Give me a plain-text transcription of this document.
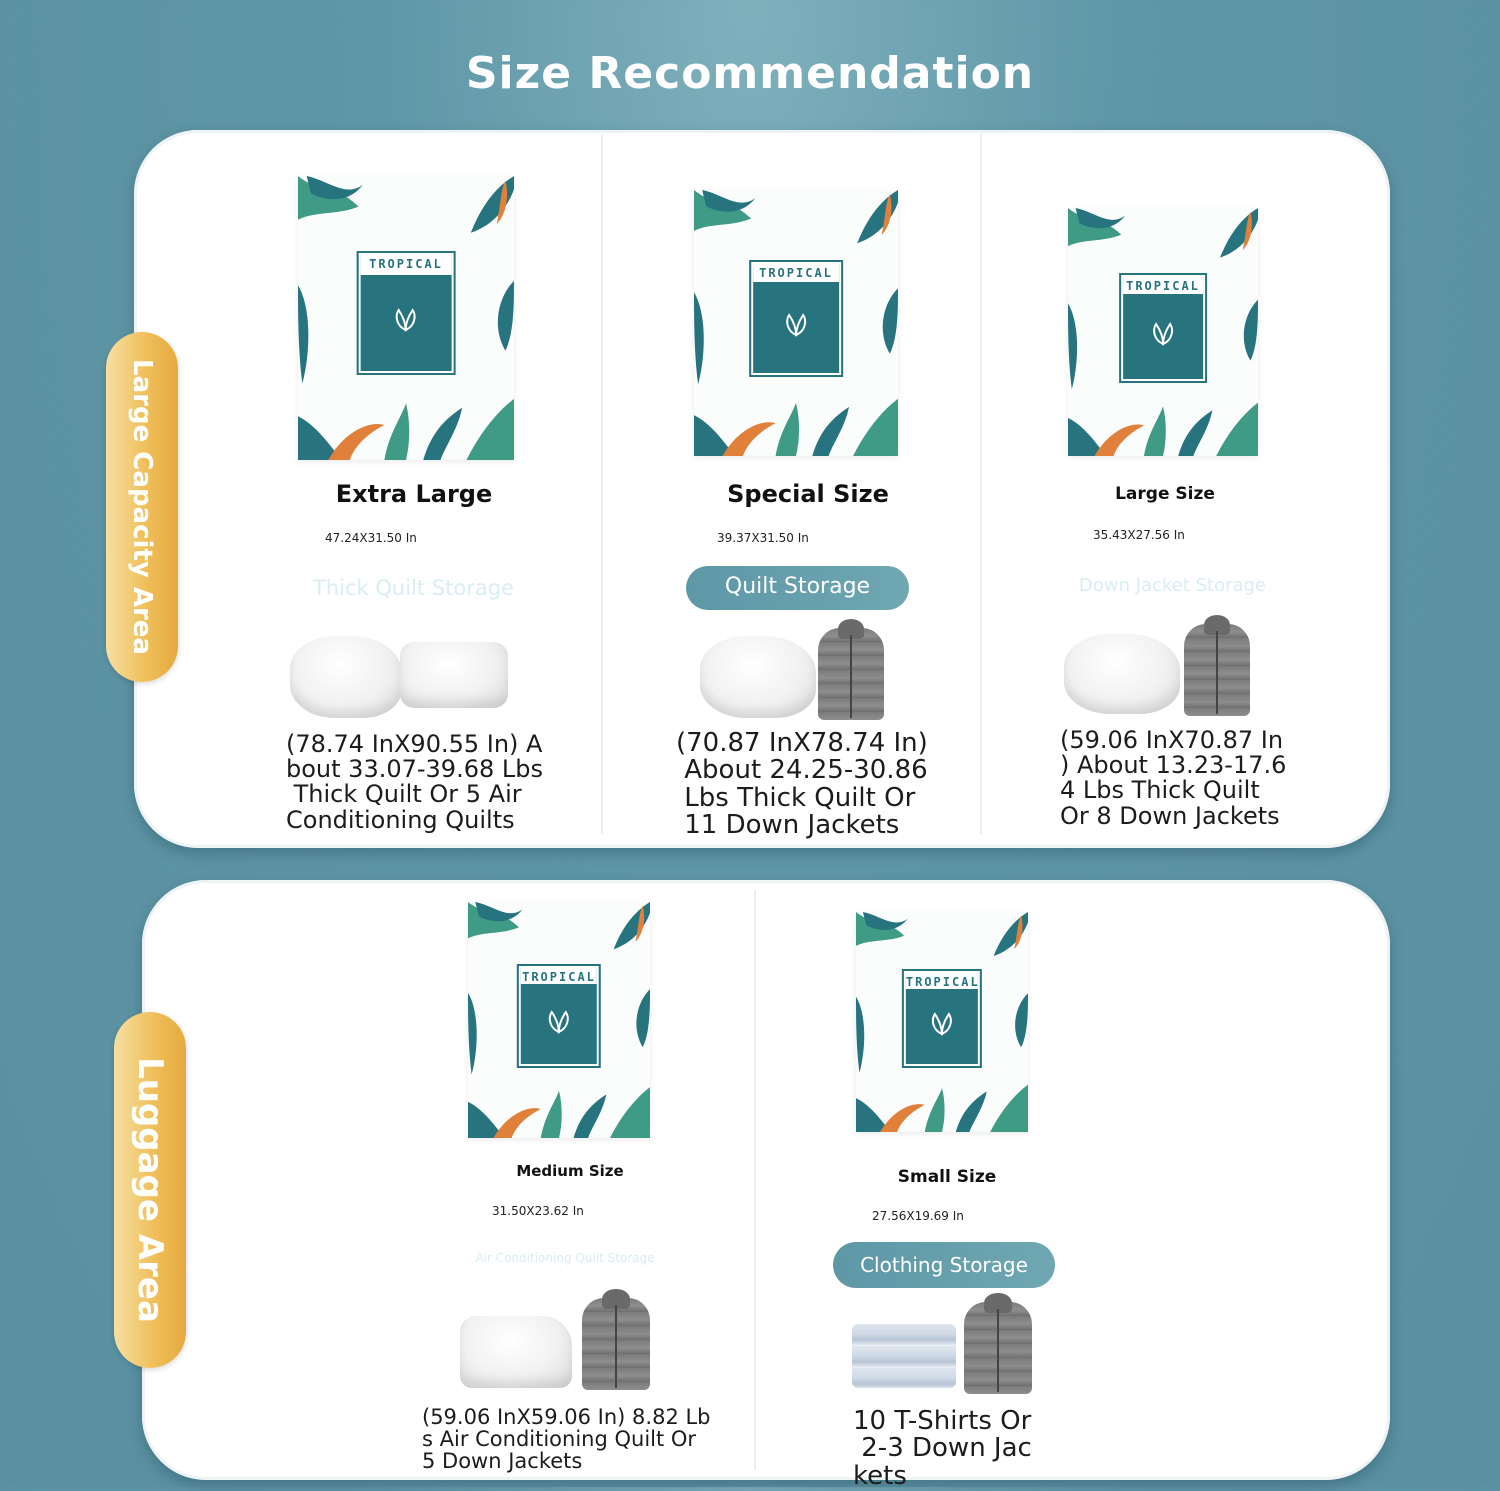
Size Recommendation
Large Capacity Area
Luggage Area
TROPICAL
TROPICAL
TROPICAL
TROPICAL	TROPICAL
Extra Large
47.24X31.50 In
Thick Quilt Storage
(78.74 InX90.55 In) A
bout 33.07-39.68 Lbs
Thick Quilt Or 5 Air
Conditioning Quilts
Special Size
39.37X31.50 In
Quilt Storage
(70.87 InX78.74 In)
About 24.25-30.86
Lbs Thick Quilt Or
11 Down Jackets
Large Size
35.43X27.56 In
Down Jacket Storage
(59.06 InX70.87 In
) About 13.23-17.6
4 Lbs Thick Quilt
Or 8 Down Jackets
Medium Size
31.50X23.62 In
Air Conditioning Quilt Storage
(59.06 InX59.06 In) 8.82 Lb
s Air Conditioning Quilt Or
5 Down Jackets
Small Size
27.56X19.69 In
Clothing Storage
10 T-Shirts Or
2-3 Down Jac
kets
